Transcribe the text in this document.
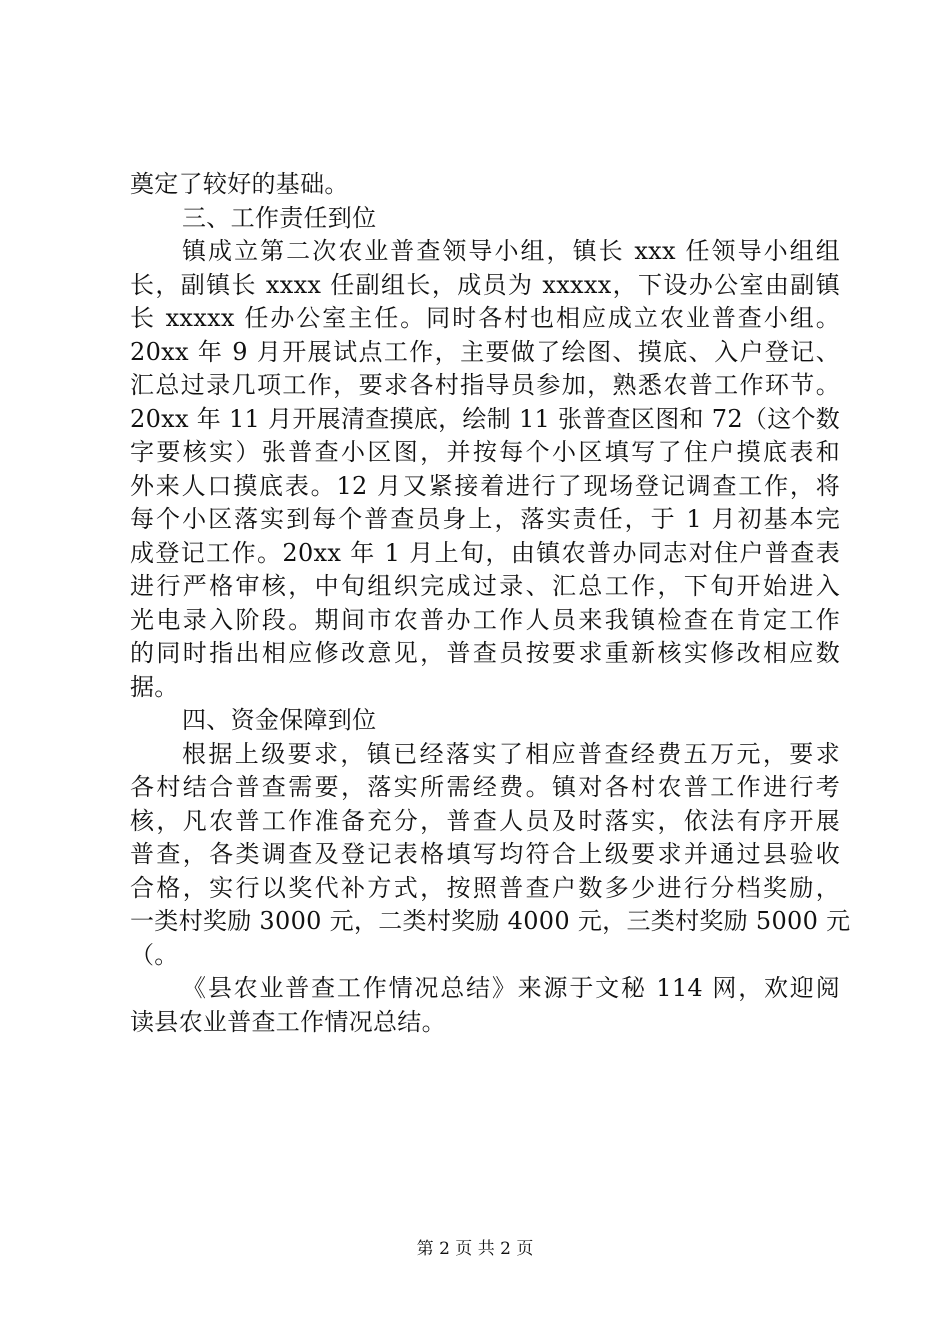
奠定了较好的基础。
三、工作责任到位
镇成立第二次农业普查领导小组，镇长 xxx 任领导小组组
长，副镇长 xxxx 任副组长，成员为 xxxxx，下设办公室由副镇
长 xxxxx 任办公室主任。同时各村也相应成立农业普查小组。
20xx 年 9 月开展试点工作，主要做了绘图、摸底、入户登记、
汇总过录几项工作，要求各村指导员参加，熟悉农普工作环节。
20xx 年 11 月开展清查摸底，绘制 11 张普查区图和 72（这个数
字要核实）张普查小区图，并按每个小区填写了住户摸底表和
外来人口摸底表。12 月又紧接着进行了现场登记调查工作，将
每个小区落实到每个普查员身上，落实责任，于 1 月初基本完
成登记工作。20xx 年 1 月上旬，由镇农普办同志对住户普查表
进行严格审核，中旬组织完成过录、汇总工作，下旬开始进入
光电录入阶段。期间市农普办工作人员来我镇检查在肯定工作
的同时指出相应修改意见，普查员按要求重新核实修改相应数
据。
四、资金保障到位
根据上级要求，镇已经落实了相应普查经费五万元，要求
各村结合普查需要，落实所需经费。镇对各村农普工作进行考
核，凡农普工作准备充分，普查人员及时落实，依法有序开展
普查，各类调查及登记表格填写均符合上级要求并通过县验收
合格，实行以奖代补方式，按照普查户数多少进行分档奖励，
一类村奖励 3000 元，二类村奖励 4000 元，三类村奖励 5000 元
（。
《县农业普查工作情况总结》来源于文秘 114 网，欢迎阅
读县农业普查工作情况总结。
第 2 页 共 2 页
